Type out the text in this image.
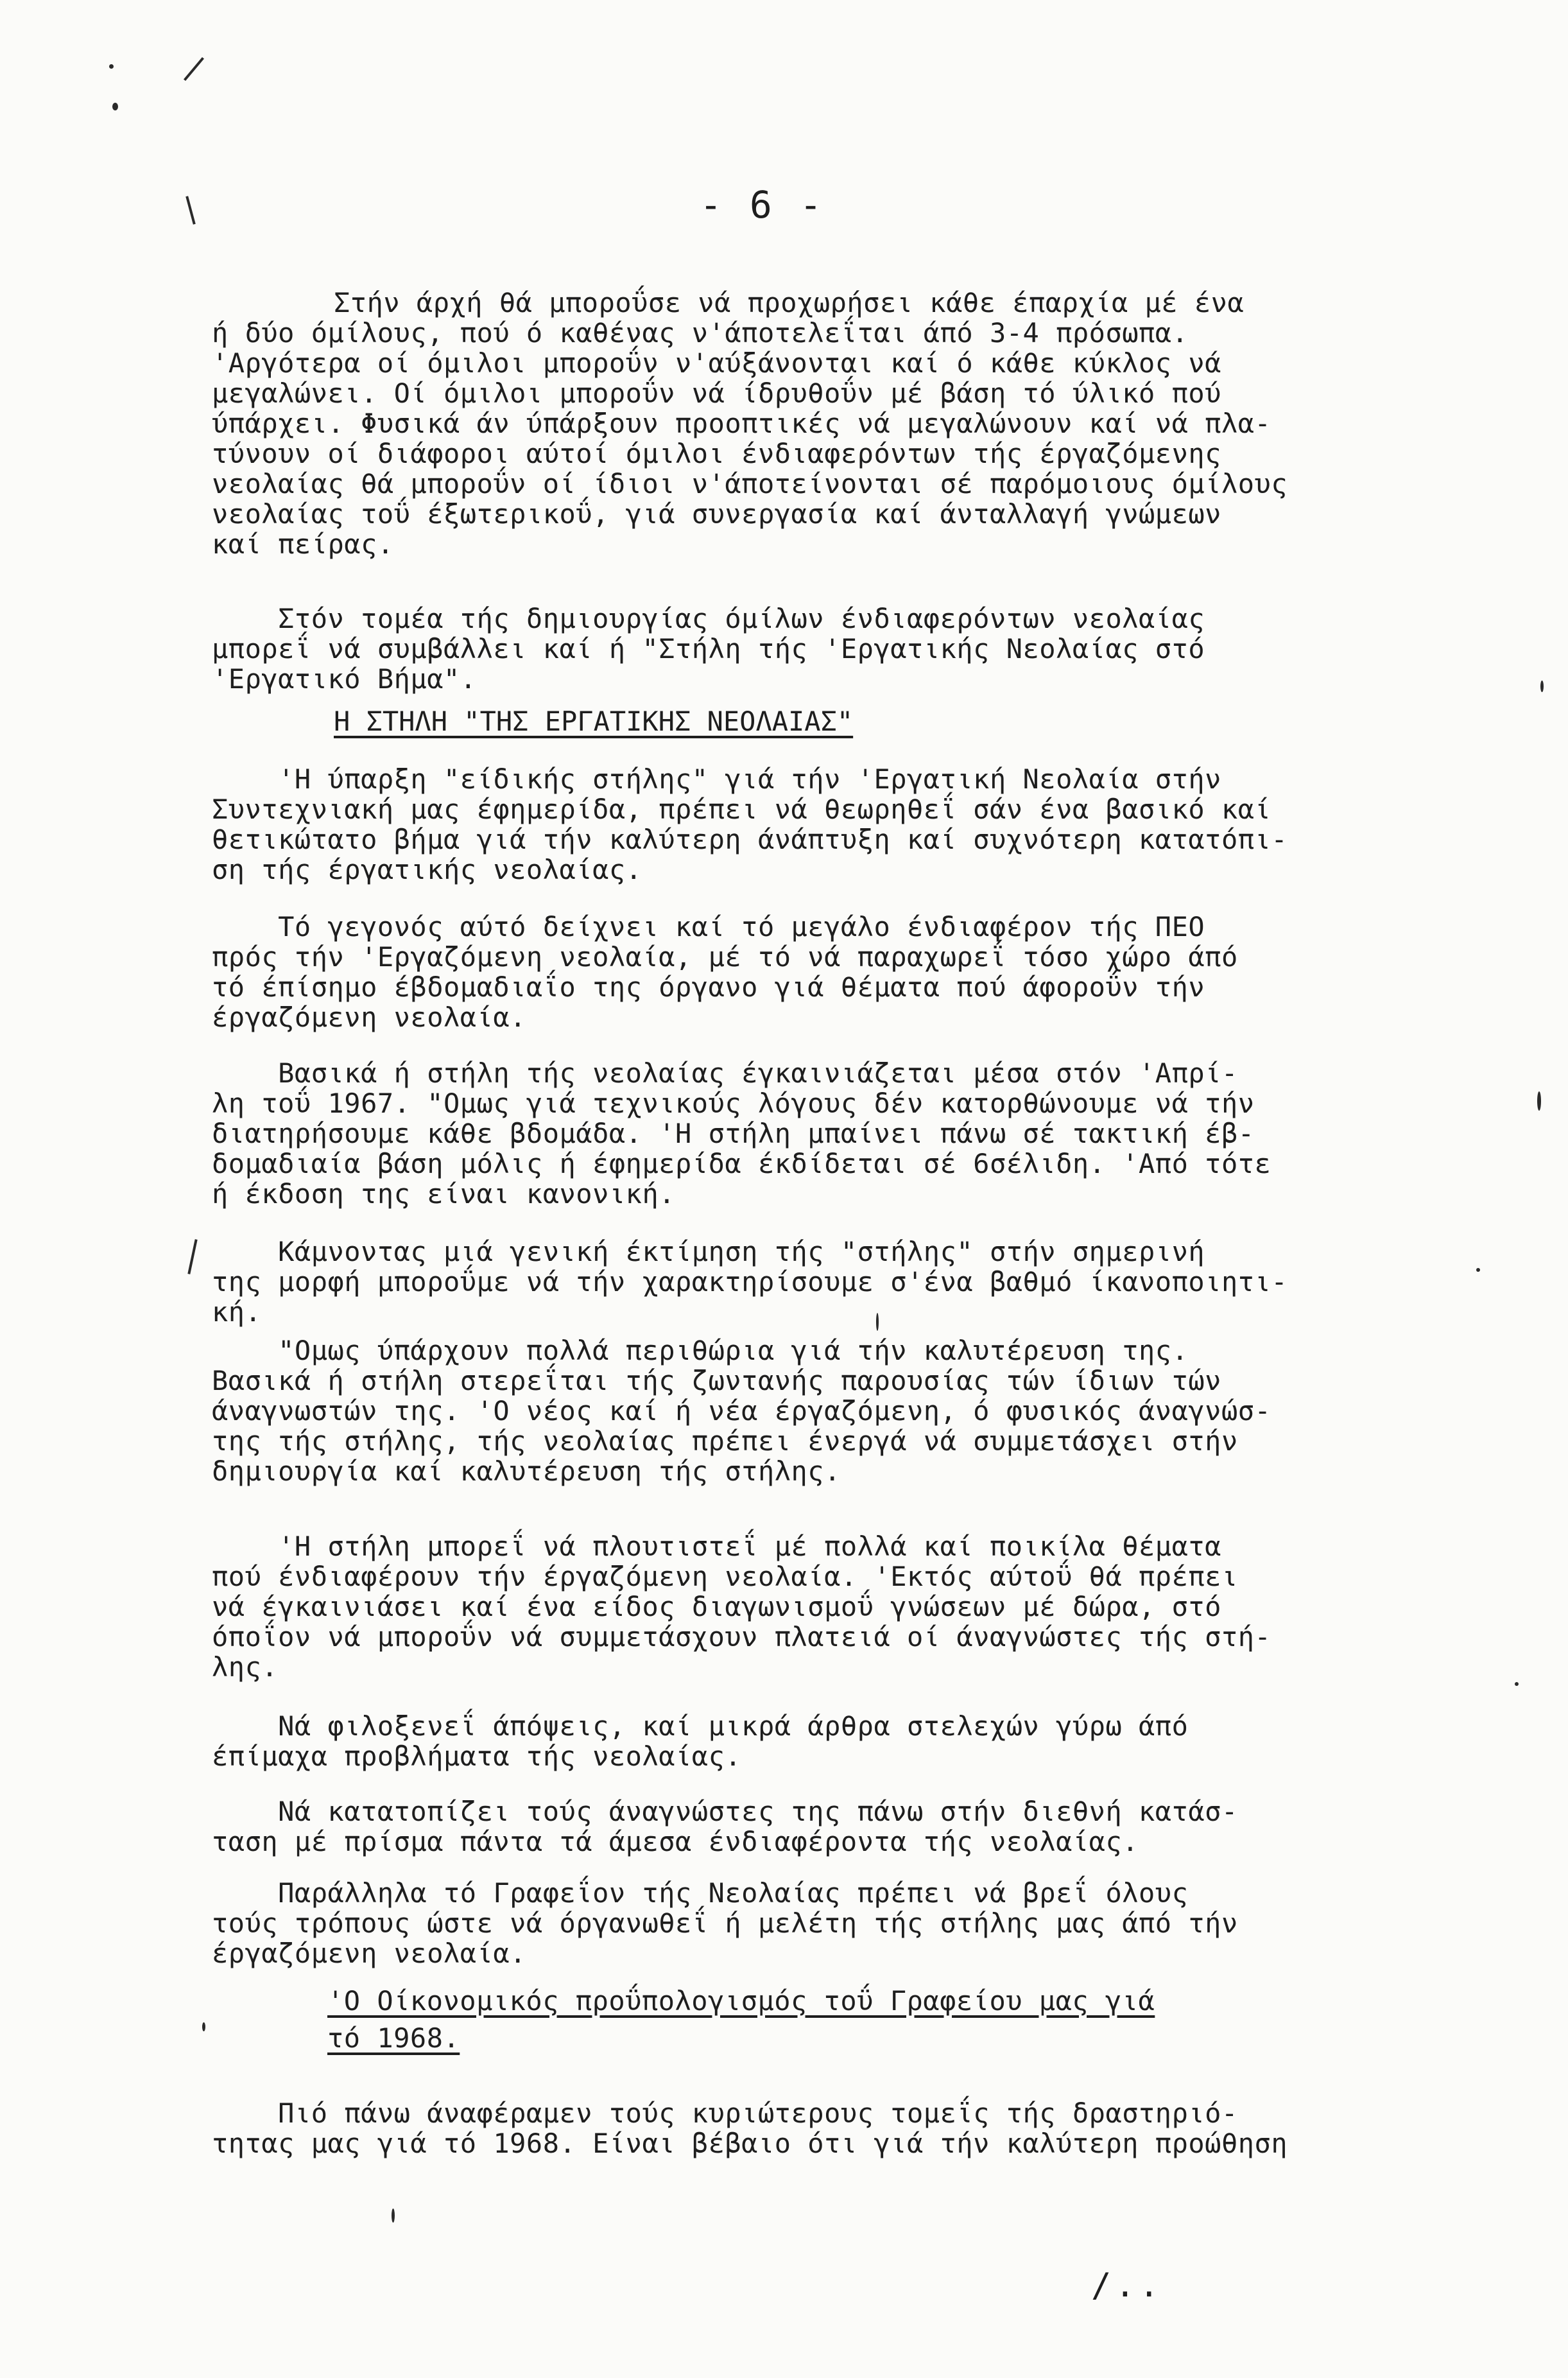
- 6 -
Στήν άρχή θά μποροΰσε νά προχωρήσει κάθε έπαρχία μέ ένα
ή δύο όμίλους, πού ό καθένας ν'άποτελεΐται άπό 3-4 πρόσωπα.
'Αργότερα οί όμιλοι μποροΰν ν'αύξάνονται καί ό κάθε κύκλος νά
μεγαλώνει. Οί όμιλοι μποροΰν νά ίδρυθοΰν μέ βάση τό ύλικό πού
ύπάρχει. Φυσικά άν ύπάρξουν προοπτικές νά μεγαλώνουν καί νά πλα-
τύνουν οί διάφοροι αύτοί όμιλοι ένδιαφερόντων τής έργαζόμενης
νεολαίας θά μποροΰν οί ίδιοι ν'άποτείνονται σέ παρόμοιους όμίλους
νεολαίας τοΰ έξωτερικοΰ, γιά συνεργασία καί άνταλλαγή γνώμεων
καί πείρας.
Στόν τομέα τής δημιουργίας όμίλων ένδιαφερόντων νεολαίας
μπορεΐ νά συμβάλλει καί ή "Στήλη τής 'Εργατικής Νεολαίας στό
'Εργατικό Βήμα".
Η ΣΤΗΛΗ "ΤΗΣ ΕΡΓΑΤΙΚΗΣ ΝΕΟΛΑΙΑΣ"
'Η ύπαρξη "είδικής στήλης" γιά τήν 'Εργατική Νεολαία στήν
Συντεχνιακή μας έφημερίδα, πρέπει νά θεωρηθεΐ σάν ένα βασικό καί
θετικώτατο βήμα γιά τήν καλύτερη άνάπτυξη καί συχνότερη κατατόπι-
ση τής έργατικής νεολαίας.
Τό γεγονός αύτό δείχνει καί τό μεγάλο ένδιαφέρον τής ΠΕΟ
πρός τήν 'Εργαζόμενη νεολαία, μέ τό νά παραχωρεΐ τόσο χώρο άπό
τό έπίσημο έβδομαδιαΐο της όργανο γιά θέματα πού άφοροΰν τήν
έργαζόμενη νεολαία.
Βασικά ή στήλη τής νεολαίας έγκαινιάζεται μέσα στόν 'Απρί-
λη τοΰ 1967. "Ομως γιά τεχνικούς λόγους δέν κατορθώνουμε νά τήν
διατηρήσουμε κάθε βδομάδα. 'Η στήλη μπαίνει πάνω σέ τακτική έβ-
δομαδιαία βάση μόλις ή έφημερίδα έκδίδεται σέ 6σέλιδη. 'Από τότε
ή έκδοση της είναι κανονική.
Κάμνοντας μιά γενική έκτίμηση τής "στήλης" στήν σημερινή
της μορφή μποροΰμε νά τήν χαρακτηρίσουμε σ'ένα βαθμό ίκανοποιητι-
κή.
"Ομως ύπάρχουν πολλά περιθώρια γιά τήν καλυτέρευση της.
Βασικά ή στήλη στερεΐται τής ζωντανής παρουσίας τών ίδιων τών
άναγνωστών της. 'Ο νέος καί ή νέα έργαζόμενη, ό φυσικός άναγνώσ-
της τής στήλης, τής νεολαίας πρέπει ένεργά νά συμμετάσχει στήν
δημιουργία καί καλυτέρευση τής στήλης.
'Η στήλη μπορεΐ νά πλουτιστεΐ μέ πολλά καί ποικίλα θέματα
πού ένδιαφέρουν τήν έργαζόμενη νεολαία. 'Εκτός αύτοΰ θά πρέπει
νά έγκαινιάσει καί ένα είδος διαγωνισμοΰ γνώσεων μέ δώρα, στό
όποΐον νά μποροΰν νά συμμετάσχουν πλατειά οί άναγνώστες τής στή-
λης.
Νά φιλοξενεΐ άπόψεις, καί μικρά άρθρα στελεχών γύρω άπό
έπίμαχα προβλήματα τής νεολαίας.
Νά κατατοπίζει τούς άναγνώστες της πάνω στήν διεθνή κατάσ-
ταση μέ πρίσμα πάντα τά άμεσα ένδιαφέροντα τής νεολαίας.
Παράλληλα τό Γραφεΐον τής Νεολαίας πρέπει νά βρεΐ όλους
τούς τρόπους ώστε νά όργανωθεΐ ή μελέτη τής στήλης μας άπό τήν
έργαζόμενη νεολαία.
'Ο Οίκονομικός προΰπολογισμός τοΰ Γραφείου μας γιά
τό 1968.
Πιό πάνω άναφέραμεν τούς κυριώτερους τομεΐς τής δραστηριό-
τητας μας γιά τό 1968. Είναι βέβαιο ότι γιά τήν καλύτερη προώθηση
/..
